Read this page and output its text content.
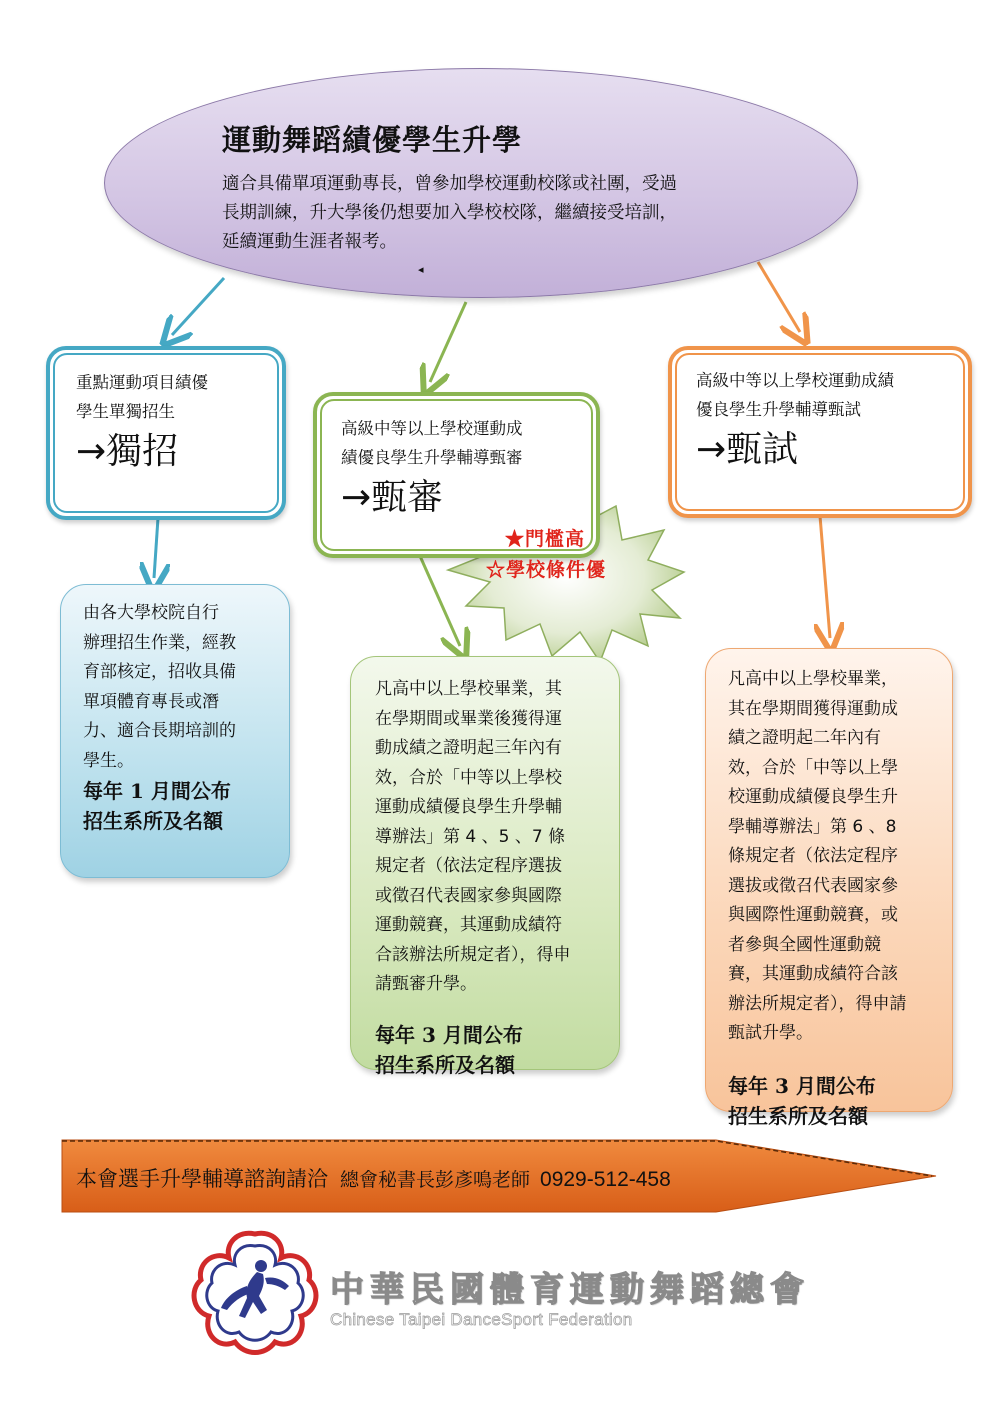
運動舞蹈績優學生升學
適合具備單項運動專長，曾參加學校運動校隊或社團，受過
長期訓練，升大學後仍想要加入學校校隊，繼續接受培訓，
延續運動生涯者報考。
◂
重點運動項目績優
學生單獨招生
→獨招
高級中等以上學校運動成
績優良學生升學輔導甄審
→甄審
高級中等以上學校運動成績
優良學生升學輔導甄試
→甄試
★門檻高
☆學校條件優
由各大學校院自行
辦理招生作業，經教
育部核定，招收具備
單項體育專長或潛
力、適合長期培訓的
學生。
每年 1 月間公布
招生系所及名額
凡高中以上學校畢業，其
在學期間或畢業後獲得運
動成績之證明起三年內有
效，合於「中等以上學校
運動成績優良學生升學輔
導辦法」第 4 、5 、7 條
規定者（依法定程序選拔
或徵召代表國家參與國際
運動競賽，其運動成績符
合該辦法所規定者），得申
請甄審升學。
每年 3 月間公布
招生系所及名額
凡高中以上學校畢業，
其在學期間獲得運動成
績之證明起二年內有
效，合於「中等以上學
校運動成績優良學生升
學輔導辦法」第 6 、8
條規定者（依法定程序
選拔或徵召代表國家參
與國際性運動競賽，或
者參與全國性運動競
賽，其運動成績符合該
辦法所規定者），得申請
甄試升學。
每年 3 月間公布
招生系所及名額
本會選手升學輔導諮詢請洽 總會秘書長彭彥鳴老師 0929-512-458
中華民國體育運動舞蹈總會
Chinese Taipei DanceSport Federation
